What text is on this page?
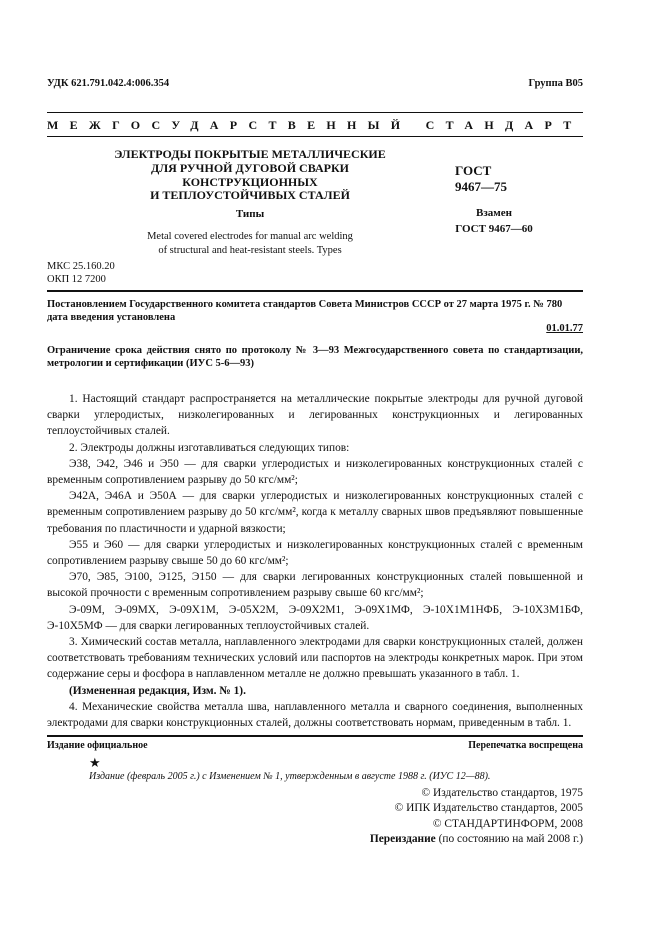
УДК 621.791.042.4:006.354	Группа В05
МЕЖГОСУДАРСТВЕННЫЙ СТАНДАРТ
ЭЛЕКТРОДЫ ПОКРЫТЫЕ МЕТАЛЛИЧЕСКИЕ
ДЛЯ РУЧНОЙ ДУГОВОЙ СВАРКИ
КОНСТРУКЦИОННЫХ
И ТЕПЛОУСТОЙЧИВЫХ СТАЛЕЙ
ГОСТ
9467—75
Взамен
ГОСТ 9467—60
Типы
Metal covered electrodes for manual arc welding
of structural and heat-resistant steels. Types
МКС 25.160.20
ОКП 12 7200
Постановлением Государственного комитета стандартов Совета Министров СССР от 27 марта 1975 г. № 780 дата введения установлена
01.01.77
Ограничение срока действия снято по протоколу № 3—93 Межгосударственного совета по стандартизации, метрологии и сертификации (ИУС 5-6—93)

1. Настоящий стандарт распространяется на металлические покрытые электроды для ручной дуговой сварки углеродистых, низколегированных и легированных конструкционных и легированных теплоустойчивых сталей.

2. Электроды должны изготавливаться следующих типов:

Э38, Э42, Э46 и Э50 — для сварки углеродистых и низколегированных конструкционных сталей с временным сопротивлением разрыву до 50 кгс/мм²;

Э42А, Э46А и Э50А — для сварки углеродистых и низколегированных конструкционных сталей с временным сопротивлением разрыву до 50 кгс/мм², когда к металлу сварных швов предъявляют повышенные требования по пластичности и ударной вязкости;

Э55 и Э60 — для сварки углеродистых и низколегированных конструкционных сталей с временным сопротивлением разрыву свыше 50 до 60 кгс/мм²;

Э70, Э85, Э100, Э125, Э150 — для сварки легированных конструкционных сталей повышенной и высокой прочности с временным сопротивлением разрыву свыше 60 кгс/мм²;

Э-09М, Э-09МХ, Э-09Х1М, Э-05Х2М, Э-09Х2М1, Э-09Х1МФ, Э-10Х1М1НФБ, Э-10Х3М1БФ, Э-10Х5МФ — для сварки легированных теплоустойчивых сталей.

3. Химический состав металла, наплавленного электродами для сварки конструкционных сталей, должен соответствовать требованиям технических условий или паспортов на электроды конкретных марок. При этом содержание серы и фосфора в наплавленном металле не должно превышать указанного в табл. 1.

(Измененная редакция, Изм. № 1).

4. Механические свойства металла шва, наплавленного металла и сварного соединения, выполненных электродами для сварки конструкционных сталей, должны соответствовать нормам, приведенным в табл. 1.

Издание официальное	Перепечатка воспрещена
★
Издание (февраль 2005 г.) с Изменением № 1, утвержденным в августе 1988 г. (ИУС 12—88).
© Издательство стандартов, 1975
© ИПК Издательство стандартов, 2005
© СТАНДАРТИНФОРМ, 2008
Переиздание (по состоянию на май 2008 г.)
